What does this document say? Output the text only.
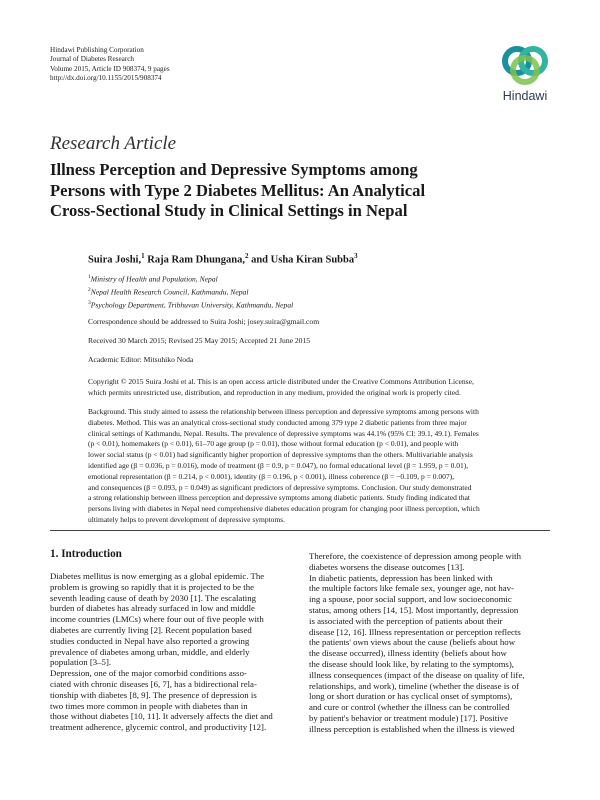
Hindawi Publishing Corporation
Journal of Diabetes Research
Volume 2015, Article ID 908374, 9 pages
http://dx.doi.org/10.1155/2015/908374
Hindawi
Research Article
Illness Perception and Depressive Symptoms among
Persons with Type 2 Diabetes Mellitus: An Analytical
Cross-Sectional Study in Clinical Settings in Nepal
Suira Joshi,$^1$ Raja Ram Dhungana,$^2$ and Usha Kiran Subba$^3$
$^1$Ministry of Health and Population, Nepal
$^2$Nepal Health Research Council, Kathmandu, Nepal
$^3$Psychology Department, Tribhuvan University, Kathmandu, Nepal
Correspondence should be addressed to Suira Joshi; josey.suira@gmail.com
Received 30 March 2015; Revised 25 May 2015; Accepted 21 June 2015
Academic Editor: Mitsuhiko Noda
Copyright © 2015 Suira Joshi et al. This is an open access article distributed under the Creative Commons Attribution License,
which permits unrestricted use, distribution, and reproduction in any medium, provided the original work is properly cited.
Background. This study aimed to assess the relationship between illness perception and depressive symptoms among persons with
diabetes. Method. This was an analytical cross-sectional study conducted among 379 type 2 diabetic patients from three major
clinical settings of Kathmandu, Nepal. Results. The prevalence of depressive symptoms was 44.1% (95% CI: 39.1, 49.1). Females
(p < 0.01), homemakers (p < 0.01), 61–70 age group (p = 0.01), those without formal education (p < 0.01), and people with
lower social status (p < 0.01) had significantly higher proportion of depressive symptoms than the others. Multivariable analysis
identified age (β = 0.036, p = 0.016), mode of treatment (β = 0.9, p = 0.047), no formal educational level (β = 1.959, p = 0.01),
emotional representation (β = 0.214, p < 0.001), identity (β = 0.196, p < 0.001), illness coherence (β = −0.109, p = 0.007),
and consequences (β = 0.093, p = 0.049) as significant predictors of depressive symptoms. Conclusion. Our study demonstrated
a strong relationship between illness perception and depressive symptoms among diabetic patients. Study finding indicated that
persons living with diabetes in Nepal need comprehensive diabetes education program for changing poor illness perception, which
ultimately helps to prevent development of depressive symptoms.
1. Introduction
Diabetes mellitus is now emerging as a global epidemic. The
problem is growing so rapidly that it is projected to be the
seventh leading cause of death by 2030 [1]. The escalating
burden of diabetes has already surfaced in low and middle
income countries (LMCs) where four out of five people with
diabetes are currently living [2]. Recent population based
studies conducted in Nepal have also reported a growing
prevalence of diabetes among urban, middle, and elderly
population [3–5].
Depression, one of the major comorbid conditions asso-
ciated with chronic diseases [6, 7], has a bidirectional rela-
tionship with diabetes [8, 9]. The presence of depression is
two times more common in people with diabetes than in
those without diabetes [10, 11]. It adversely affects the diet and
treatment adherence, glycemic control, and productivity [12].
Therefore, the coexistence of depression among people with
diabetes worsens the disease outcomes [13].
In diabetic patients, depression has been linked with
the multiple factors like female sex, younger age, not hav-
ing a spouse, poor social support, and low socioeconomic
status, among others [14, 15]. Most importantly, depression
is associated with the perception of patients about their
disease [12, 16]. Illness representation or perception reflects
the patients' own views about the cause (beliefs about how
the disease occurred), illness identity (beliefs about how
the disease should look like, by relating to the symptoms),
illness consequences (impact of the disease on quality of life,
relationships, and work), timeline (whether the disease is of
long or short duration or has cyclical onset of symptoms),
and cure or control (whether the illness can be controlled
by patient's behavior or treatment module) [17]. Positive
illness perception is established when the illness is viewed
